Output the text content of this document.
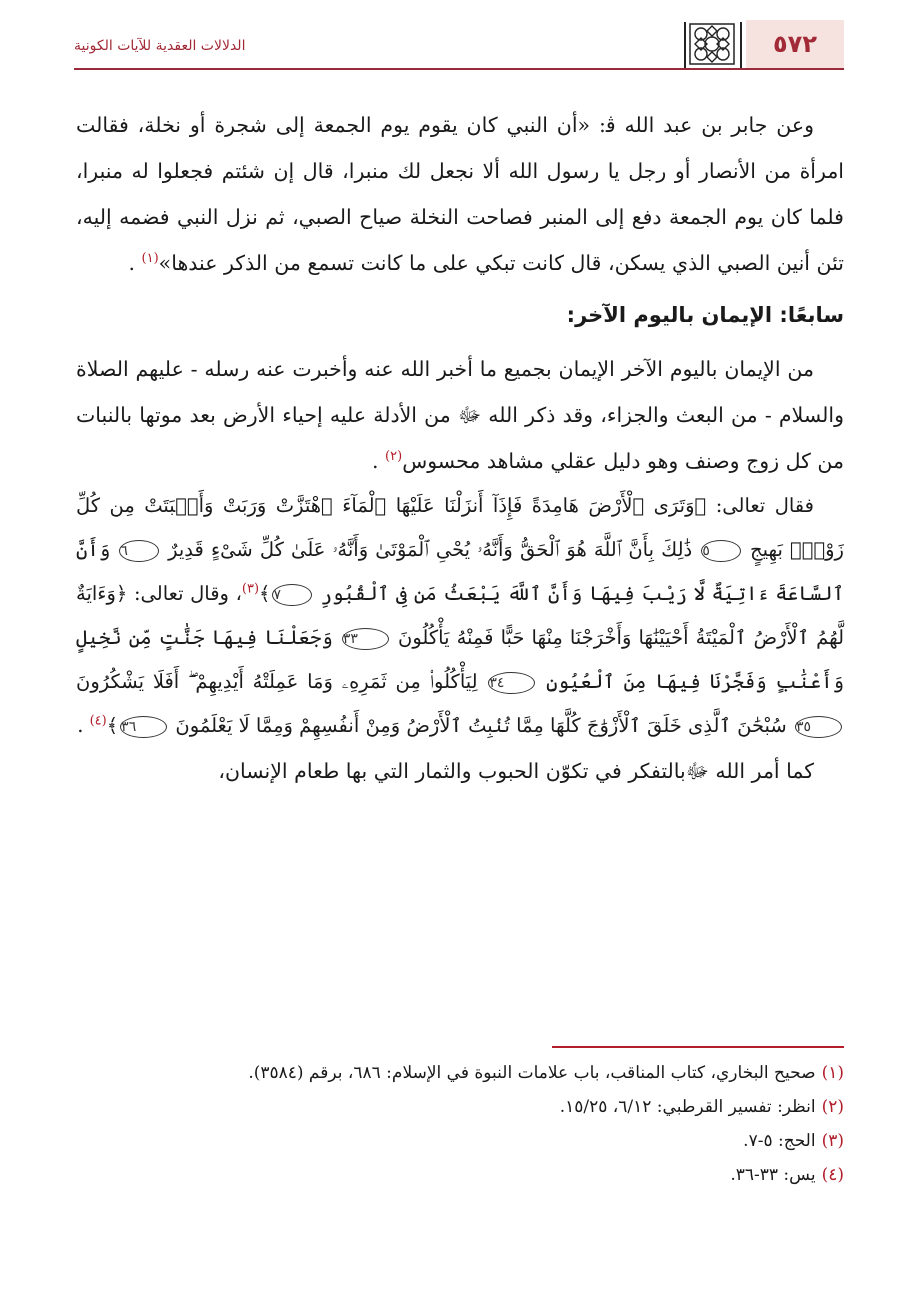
٥٧٢
الدلالات العقدية للآيات الكونية

وعن جابر بن عبد الله ﭬ: «أن النبي كان يقوم يوم الجمعة إلى شجرة أو نخلة، فقالت امرأة من الأنصار أو رجل يا رسول الله ألا نجعل لك منبرا، قال إن شئتم فجعلوا له منبرا، فلما كان يوم الجمعة دفع إلى المنبر فصاحت النخلة صياح الصبي، ثم نزل النبي فضمه إليه، تئن أنين الصبي الذي يسكن، قال كانت تبكي على ما كانت تسمع من الذكر عندها»$^{(١)}$ .

سابعًا: الإيمان باليوم الآخر:

من الإيمان باليوم الآخر الإيمان بجميع ما أخبر الله عنه وأخبرت عنه رسله - عليهم الصلاة والسلام - من البعث والجزاء، وقد ذكر الله ﷻ من الأدلة عليه إحياء الأرض بعد موتها بالنبات من كل زوج وصنف وهو دليل عقلي مشاهد محسوس$^{(٢)}$ .

فقال تعالى: ﴿وَتَرَى ٱلْأَرْضَ هَامِدَةً فَإِذَآ أَنزَلْنَا عَلَيْهَا ٱلْمَآءَ ٱهْتَزَّتْ وَرَبَتْ وَأَنۢبَتَتْ مِن كُلِّ زَوْجٍۭ بَهِيجٍ ٥ ذَٰلِكَ بِأَنَّ ٱللَّهَ هُوَ ٱلْحَقُّ وَأَنَّهُۥ يُحْىِ ٱلْمَوْتَىٰ وَأَنَّهُۥ عَلَىٰ كُلِّ شَىْءٍ قَدِيرٌ ٦ وَأَنَّ ٱلسَّاعَةَ ءَاتِيَةٌ لَّا رَيْبَ فِيهَا وَأَنَّ ٱللَّهَ يَبْعَثُ مَن فِى ٱلْقُبُورِ ٧﴾$^{(٣)}$، وقال تعالى: ﴿وَءَايَةٌ لَّهُمُ ٱلْأَرْضُ ٱلْمَيْتَةُ أَحْيَيْنَٰهَا وَأَخْرَجْنَا مِنْهَا حَبًّا فَمِنْهُ يَأْكُلُونَ ٣٣ وَجَعَلْنَا فِيهَا جَنَّٰتٍ مِّن نَّخِيلٍ وَأَعْنَٰبٍ وَفَجَّرْنَا فِيهَا مِنَ ٱلْعُيُونِ ٣٤ لِيَأْكُلُوا۟ مِن ثَمَرِهِۦ وَمَا عَمِلَتْهُ أَيْدِيهِمْ ۖ أَفَلَا يَشْكُرُونَ ٣٥ سُبْحَٰنَ ٱلَّذِى خَلَقَ ٱلْأَزْوَٰجَ كُلَّهَا مِمَّا تُنۢبِتُ ٱلْأَرْضُ وَمِنْ أَنفُسِهِمْ وَمِمَّا لَا يَعْلَمُونَ ٣٦﴾$^{(٤)}$ .

كما أمر الله ﷻبالتفكر في تكوّن الحبوب والثمار التي بها طعام الإنسان،

(١)صحيح البخاري، كتاب المناقب، باب علامات النبوة في الإسلام: ٦٨٦، برقم (٣٥٨٤).

(٢)انظر: تفسير القرطبي: ٦/١٢، ١٥/٢٥.

(٣)الحج: ٥-٧.

(٤)يس: ٣٣-٣٦.
